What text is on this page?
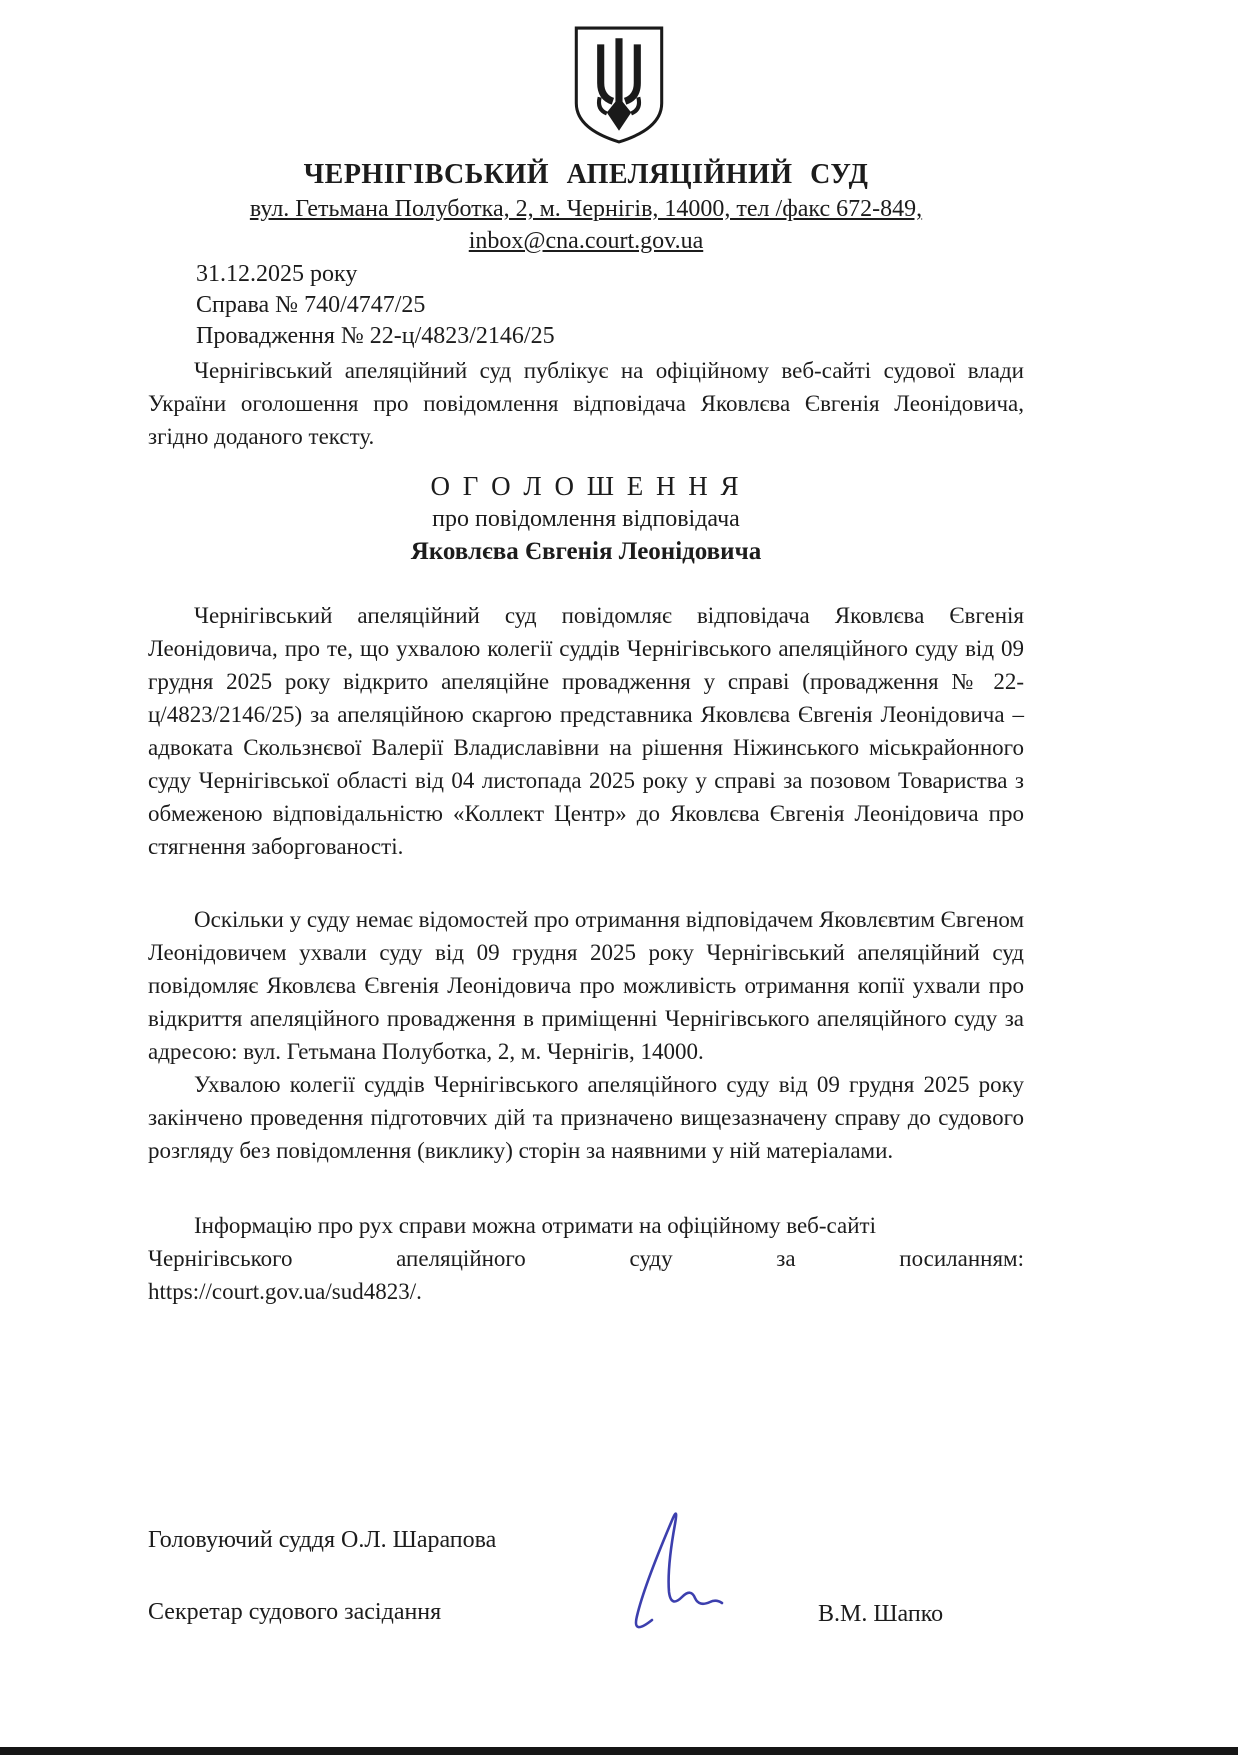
ЧЕРНІГІВСЬКИЙ АПЕЛЯЦІЙНИЙ СУД
вул. Гетьмана Полуботка, 2, м. Чернігів, 14000, тел /факс 672-849,
inbox@cna.court.gov.ua
31.12.2025 року
Справа № 740/4747/25
Провадження № 22-ц/4823/2146/25
Чернігівський апеляційний суд публікує на офіційному веб-сайті судової влади України оголошення про повідомлення відповідача Яковлєва Євгенія Леонідовича, згідно доданого тексту.
О Г О Л О Ш Е Н Н Я
про повідомлення відповідача
Яковлєва Євгенія Леонідовича
Чернігівський апеляційний суд повідомляє відповідача Яковлєва Євгенія Леонідовича, про те, що ухвалою колегії суддів Чернігівського апеляційного суду від 09 грудня 2025 року відкрито апеляційне провадження у справі (провадження № 22-ц/4823/2146/25) за апеляційною скаргою представника Яковлєва Євгенія Леонідовича – адвоката Скользнєвої Валерії Владиславівни на рішення Ніжинського міськрайонного суду Чернігівської області від 04 листопада 2025 року у справі за позовом Товариства з обмеженою відповідальністю «Коллект Центр» до Яковлєва Євгенія Леонідовича про стягнення заборгованості.
Оскільки у суду немає відомостей про отримання відповідачем Яковлєвтим Євгеном Леонідовичем ухвали суду від 09 грудня 2025 року Чернігівський апеляційний суд повідомляє Яковлєва Євгенія Леонідовича про можливість отримання копії ухвали про відкриття апеляційного провадження в приміщенні Чернігівського апеляційного суду за адресою: вул. Гетьмана Полуботка, 2, м. Чернігів, 14000.
Ухвалою колегії суддів Чернігівського апеляційного суду від 09 грудня 2025 року закінчено проведення підготовчих дій та призначено вищезазначену справу до судового розгляду без повідомлення (виклику) сторін за наявними у ній матеріалами.
Інформацію про рух справи можна отримати на офіційному веб-сайті
Чернігівського апеляційного суду за посиланням:
https://court.gov.ua/sud4823/.
Головуючий суддя О.Л. Шарапова
Секретар судового засідання	В.М. Шапко
